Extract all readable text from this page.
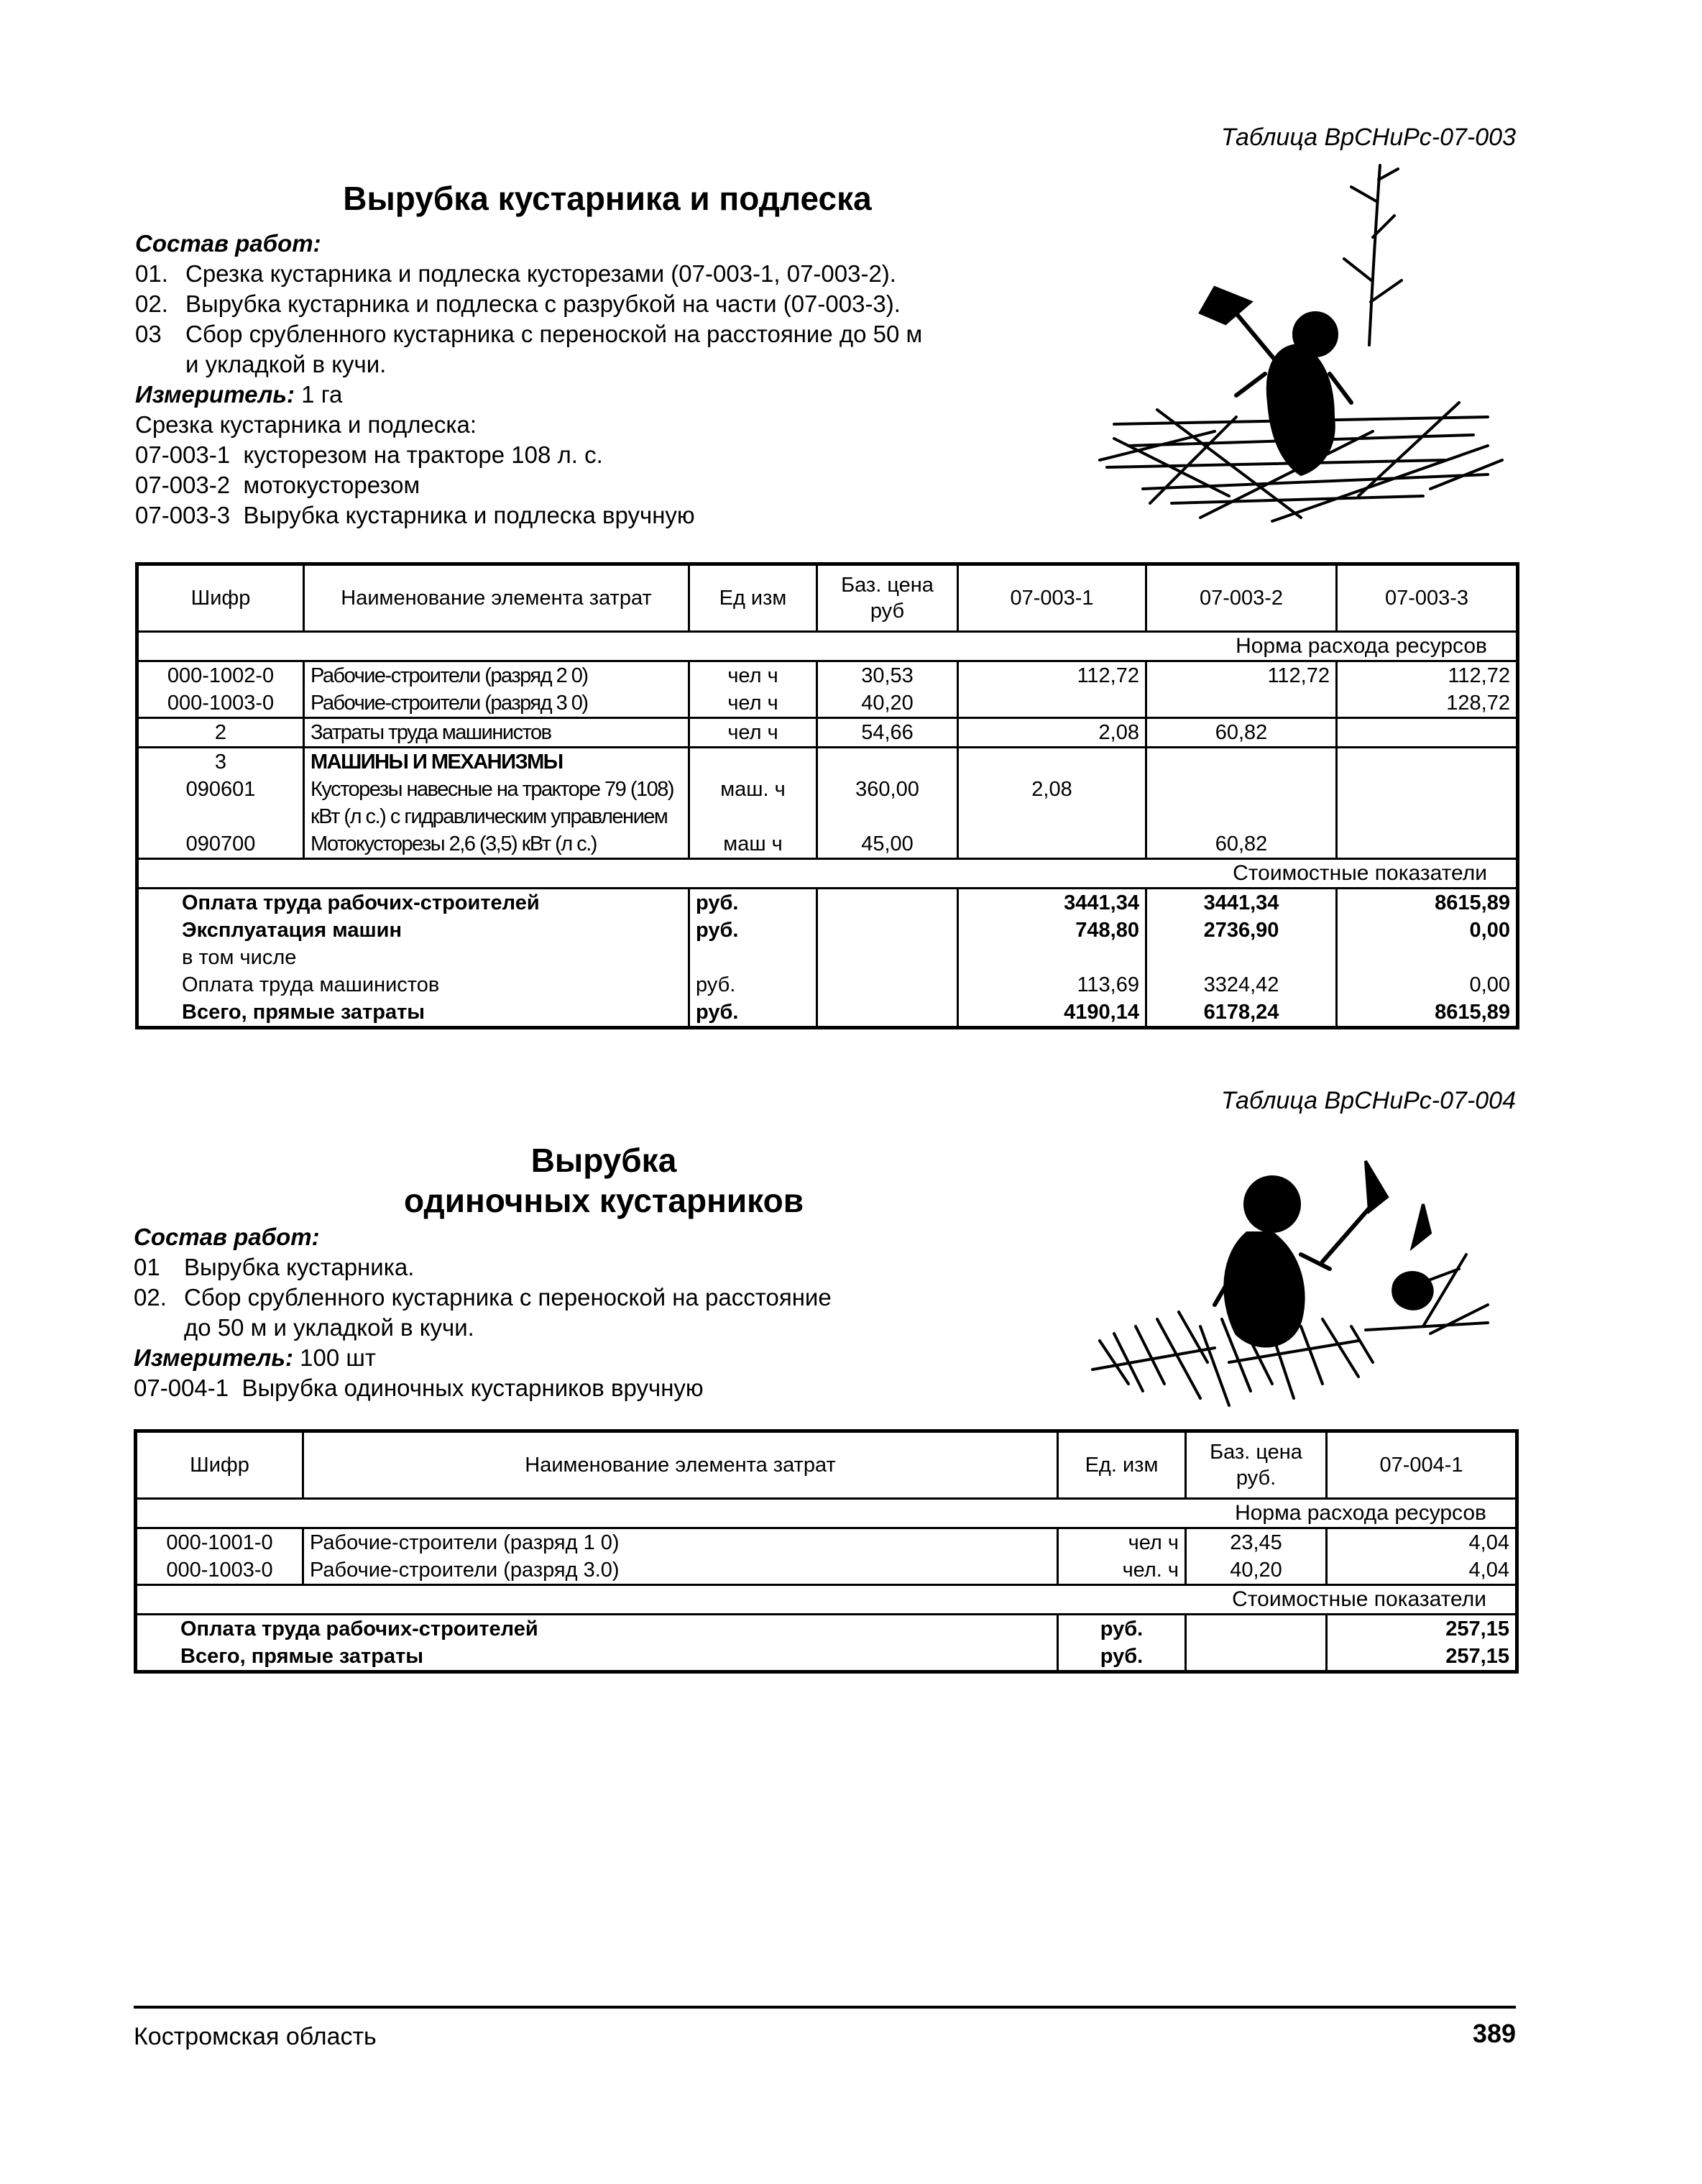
Таблица ВрСНиРс-07-003
Вырубка кустарника и подлеска
Состав работ:
01. Срезка кустарника и подлеска кусторезами (07-003-1, 07-003-2).
02. Вырубка кустарника и подлеска с разрубкой на части (07-003-3).
03	Сбор срубленного кустарника с переноской на расстояние до 50 м
и укладкой в кучи.
Измеритель: 1 га
Срезка кустарника и подлеска:
07-003-1 кусторезом на тракторе 108 л. с.
07-003-2 мотокусторезом
07-003-3 Вырубка кустарника и подлеска вручную
Шифр	Наименование элемента затрат	Ед изм	Баз. цена руб	07-003-1	07-003-2	07-003-3
Норма расхода ресурсов						
000-1002-0	Рабочие-строители (разряд 2 0)	чел ч	30,53	112,72	112,72	112,72
000-1003-0	Рабочие-строители (разряд 3 0)	чел ч	40,20			128,72
2	Затраты труда машинистов	чел ч	54,66	2,08	60,82	
3	МАШИНЫ И МЕХАНИЗМЫ					
090601	Кусторезы навесные на тракторе 79 (108) кВт (л с.) с гидравлическим управлением	маш. ч	360,00	2,08		
090700	Мотокусторезы 2,6 (3,5) кВт (л с.)	маш ч	45,00		60,82	
Стоимостные показатели						
Оплата труда рабочих-строителей		руб.		3441,34	3441,34	8615,89
Эксплуатация машин		руб.		748,80	2736,90	0,00
в том числе						
Оплата труда машинистов		руб.		113,69	3324,42	0,00
Всего, прямые затраты		руб.		4190,14	6178,24	8615,89
Таблица ВрСНиРс-07-004
Вырубка
одиночных кустарников
Состав работ:
01	Вырубка кустарника.
02. Сбор срубленного кустарника с переноской на расстояние
до 50 м и укладкой в кучи.
Измеритель: 100 шт
07-004-1 Вырубка одиночных кустарников вручную
Шифр	Наименование элемента затрат	Ед. изм	Баз. цена руб.	07-004-1
Норма расхода ресурсов				
000-1001-0	Рабочие-строители (разряд 1 0)	чел ч	23,45	4,04
000-1003-0	Рабочие-строители (разряд 3.0)	чел. ч	40,20	4,04
Стоимостные показатели				
Оплата труда рабочих-строителей		руб.		257,15
Всего, прямые затраты		руб.		257,15
Костромская область	389
